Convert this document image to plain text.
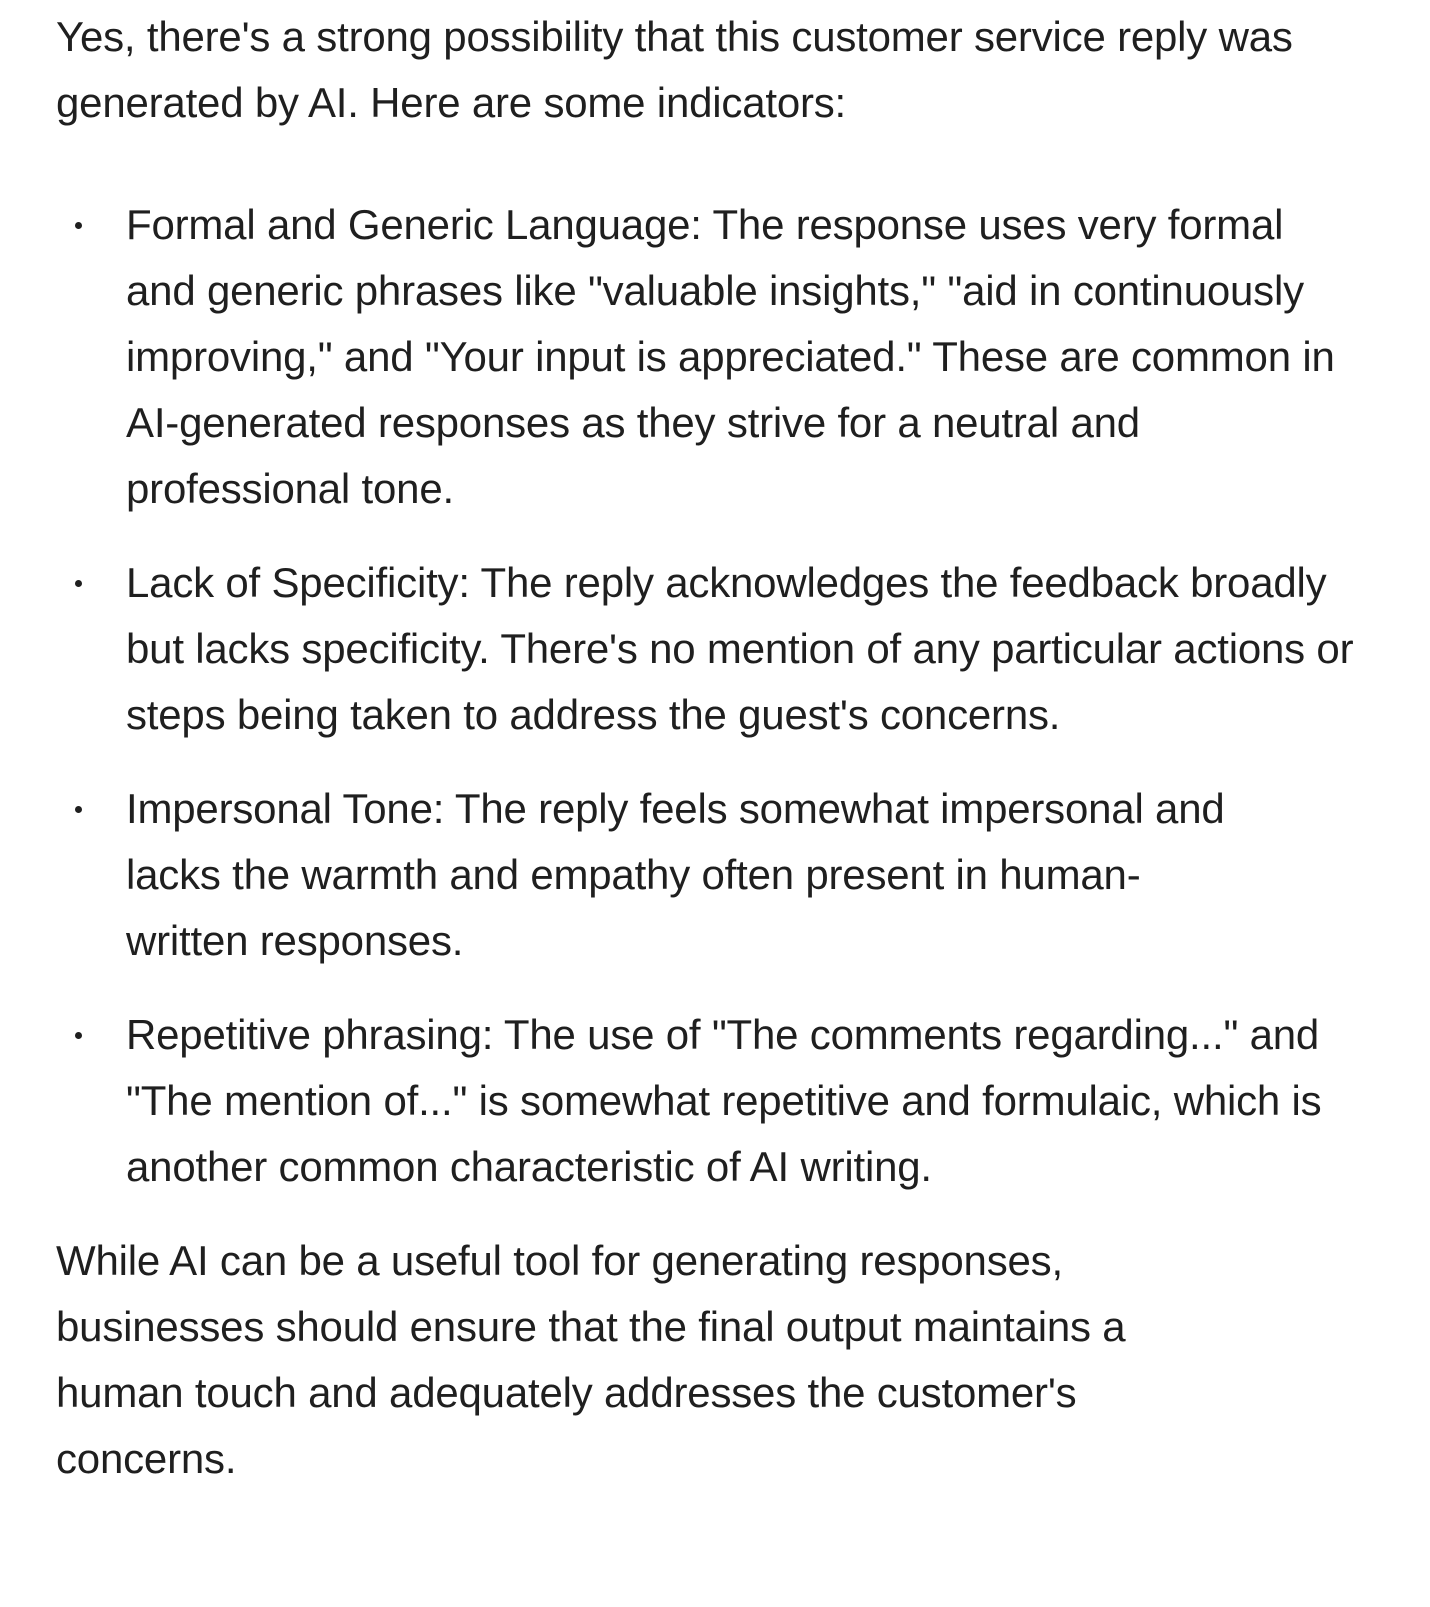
Yes, there's a strong possibility that this customer service reply was generated by AI. Here are some indicators:

Formal and Generic Language: The response uses very formal and generic phrases like "valuable insights," "aid in continuously improving," and "Your input is appreciated." These are common in AI-generated responses as they strive for a neutral and professional tone.
Lack of Specificity: The reply acknowledges the feedback broadly but lacks specificity. There's no mention of any particular actions or steps being taken to address the guest's concerns.
Impersonal Tone: The reply feels somewhat impersonal and lacks the warmth and empathy often present in human-written responses.
Repetitive phrasing: The use of "The comments regarding..." and "The mention of..." is somewhat repetitive and formulaic, which is another common characteristic of AI writing.

While AI can be a useful tool for generating responses, businesses should ensure that the final output maintains a human touch and adequately addresses the customer's concerns.
